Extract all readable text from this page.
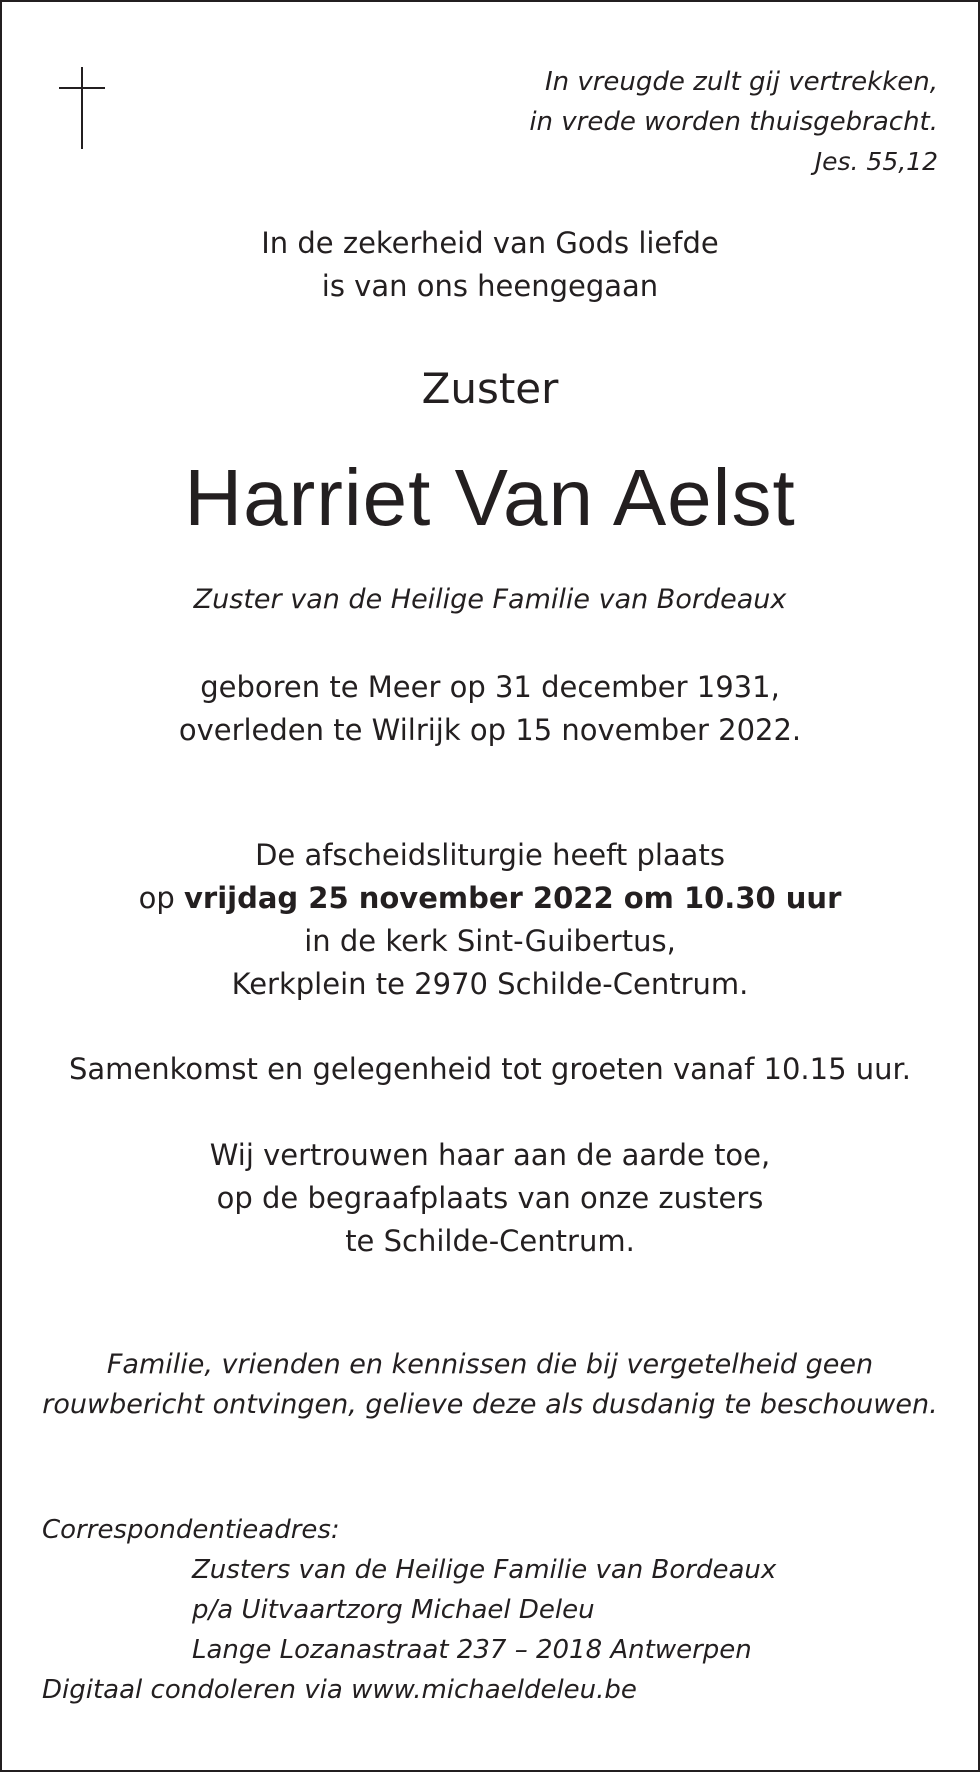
In vreugde zult gij vertrekken,
in vrede worden thuisgebracht.
Jes. 55,12
In de zekerheid van Gods liefde
is van ons heengegaan
Zuster
Harriet Van Aelst
Zuster van de Heilige Familie van Bordeaux
geboren te Meer op 31 december 1931,
overleden te Wilrijk op 15 november 2022.
De afscheidsliturgie heeft plaats
op vrijdag 25 november 2022 om 10.30 uur
in de kerk Sint-Guibertus,
Kerkplein te 2970 Schilde-Centrum.
Samenkomst en gelegenheid tot groeten vanaf 10.15 uur.
Wij vertrouwen haar aan de aarde toe,
op de begraafplaats van onze zusters
te Schilde-Centrum.
Familie, vrienden en kennissen die bij vergetelheid geen
rouwbericht ontvingen, gelieve deze als dusdanig te beschouwen.
Correspondentieadres:
Zusters van de Heilige Familie van Bordeaux
p/a Uitvaartzorg Michael Deleu
Lange Lozanastraat 237 – 2018 Antwerpen
Digitaal condoleren via www.michaeldeleu.be
